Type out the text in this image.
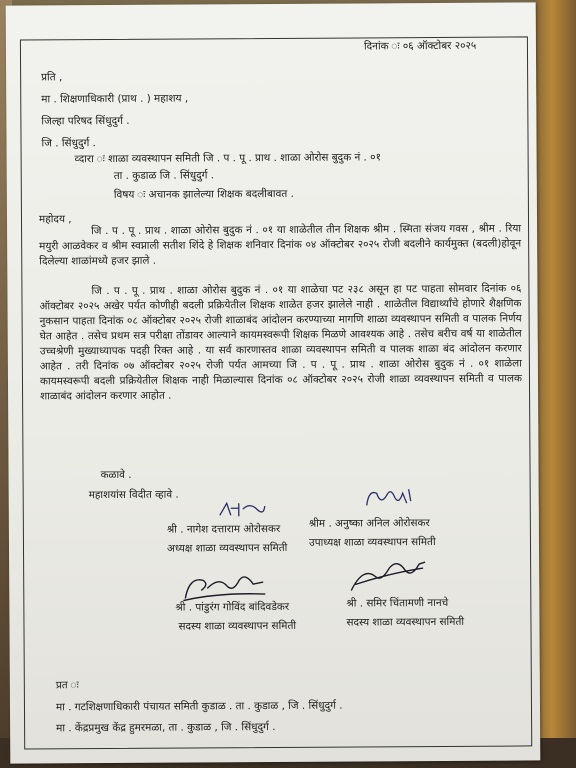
दिनांक ः ०६ ऑक्टोबर २०२५
प्रति ,
मा . शिक्षणाधिकारी (प्राथ . ) महाशय ,
जिल्हा परिषद सिंधुदुर्ग .
जि . सिंधुदुर्ग .
व्दारा ः शाळा व्यवस्थापन समिती जि . प . पू . प्राथ . शाळा ओरोस बुदुक नं . ०१
ता . कुडाळ जि . सिंधुदुर्ग .
विषय ः अचानक झालेल्या शिक्षक बदलीबावत .
महोदय ,
जि . प . पू . प्राथ . शाळा ओरोस बुदुक नं . ०१ या शाळेतील तीन शिक्षक श्रीम . स्मिता संजय गवस , श्रीम . रिया मयुरी आळवेकर व श्रीम स्वप्नाली सतीश शिंदे हे शिक्षक शनिवार दिनांक ०४ ऑक्टोबर २०२५ रोजी बदलीने कार्यमुक्त (बदली)होवून दिलेल्या शाळांमध्ये हजर झाले .
जि . प . पू . प्राथ . शाळा ओरोस बुदुक नं . ०१ या शाळेचा पट २३८ असून हा पट पाहता सोमवार दिनांक ०६ ऑक्टोबर २०२५ अखेर पर्यत कोणीही बदली प्रक्रियेतील शिक्षक शाळेत हजर झालेले नाही . शाळेतील विद्यार्थ्यांचे होणारे शैक्षणिक नुकसान पाहता दिनांक ०८ ऑक्टोबर २०२५ रोजी शाळाबंद आंदोलन करण्याच्या मागणि शाळा व्यवस्थापन समिती व पालक निर्णय घेत आहेत . तसेच प्रथम सत्र परीक्षा तोंडावर आल्याने कायमस्वरूपी शिक्षक मिळणे आवश्यक आहे . तसेच बरीच वर्ष या शाळेतील उच्चश्रेणी मुख्याध्यापक पदही रिक्त आहे . या सर्व कारणास्तव शाळा व्यवस्थापन समिती व पालक शाळा बंद आंदोलन करणार आहेत . तरी दिनांक ०७ ऑक्टोबर २०२५ रोजी पर्यत आमच्या जि . प . पू . प्राथ . शाळा ओरोस बुदुक नं . ०१ शाळेला कायमस्वरूपी बदली प्रक्रियेतील शिक्षक नाही मिळाल्यास दिनांक ०८ ऑक्टोबर २०२५ रोजी शाळा व्यवस्थापन समिती व पालक शाळाबंद आंदोलन करणार आहोत .
कळावे .
महाशयांस विदीत व्हावे .
श्री . नागेश दत्ताराम ओरोसकर
अध्यक्ष शाळा व्यवस्थापन समिती
श्रीम . अनुष्का अनिल ओरोसकर
उपाध्यक्ष शाळा व्यवस्थापन समिती
श्री . पांडुरंग गोविंद बांदिवडेकर
सदस्य शाळा व्यवस्थापन समिती
श्री . समिर चिंतामणी नानचे
सदस्य शाळा व्यवस्थापन समिती
प्रत ः
मा . गटशिक्षणाधिकारी पंचायत समिती कुडाळ . ता . कुडाळ , जि . सिंधुदुर्ग .
मा . केंद्रप्रमुख केंद्र हुमरमळा, ता . कुडाळ , जि . सिंधुदुर्ग .
